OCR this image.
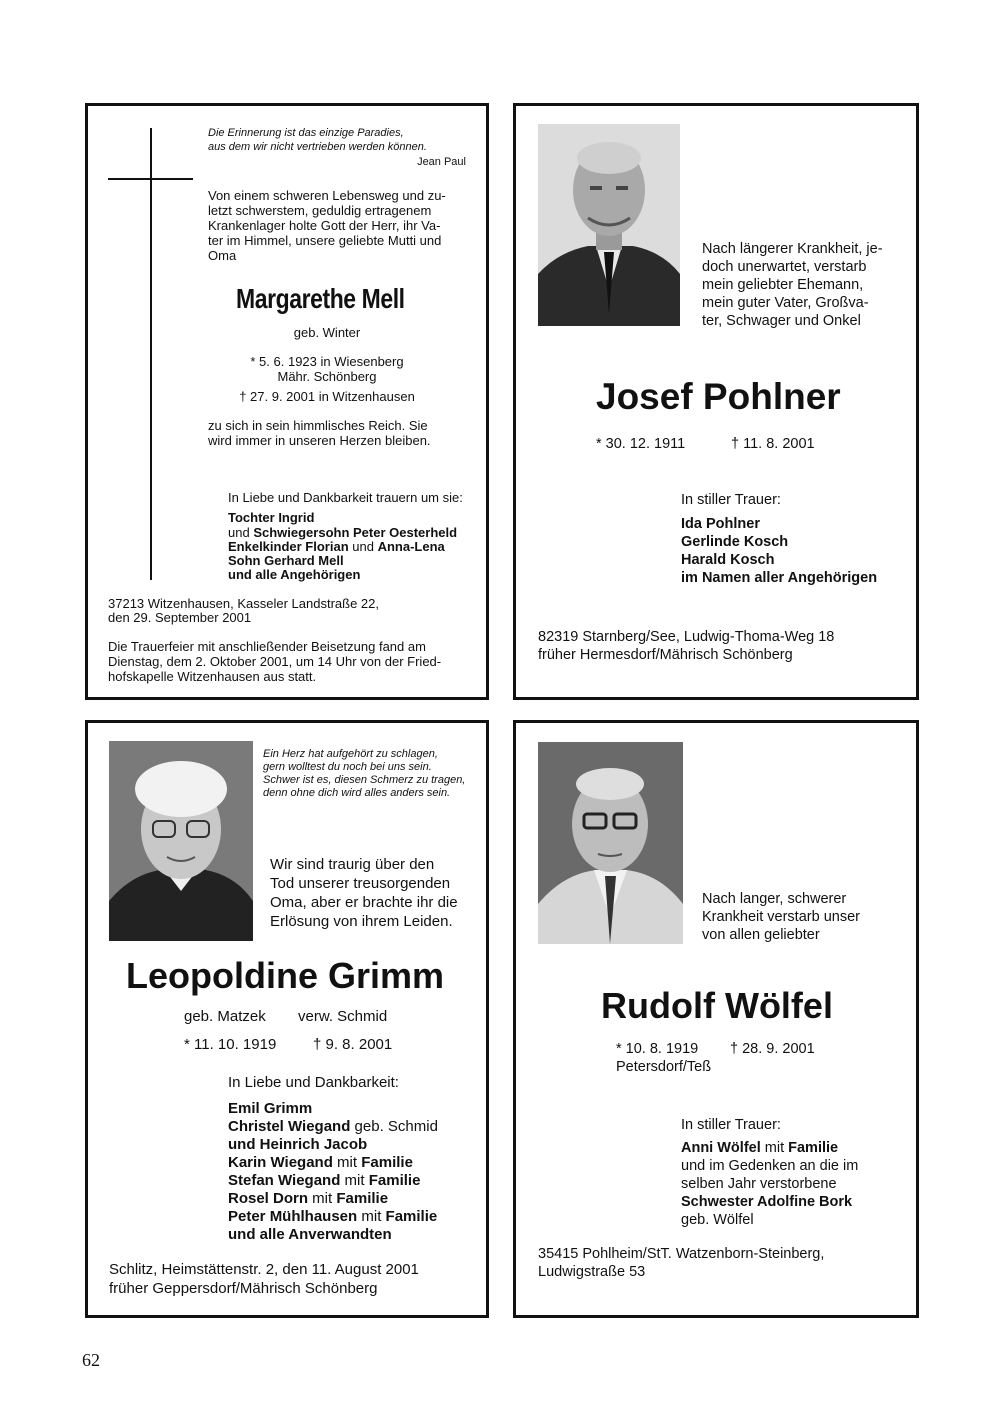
Die Erinnerung ist das einzige Paradies,

aus dem wir nicht vertrieben werden können.

Jean Paul

Von einem schweren Lebensweg und zu-

letzt schwerstem, geduldig ertragenem

Krankenlager holte Gott der Herr, ihr Va-

ter im Himmel, unsere geliebte Mutti und

Oma

Margarethe Mell

geb. Winter

* 5. 6. 1923 in Wiesenberg

Mähr. Schönberg

† 27. 9. 2001 in Witzenhausen

zu sich in sein himmlisches Reich. Sie

wird immer in unseren Herzen bleiben.

In Liebe und Dankbarkeit trauern um sie:

Tochter Ingrid

und Schwiegersohn Peter Oesterheld

Enkelkinder Florian und Anna-Lena

Sohn Gerhard Mell

und alle Angehörigen

37213 Witzenhausen, Kasseler Landstraße 22,

den 29. September 2001

Die Trauerfeier mit anschließender Beisetzung fand am

Dienstag, dem 2. Oktober 2001, um 14 Uhr von der Fried-

hofskapelle Witzenhausen aus statt.

Nach längerer Krankheit, je-

doch unerwartet, verstarb

mein geliebter Ehemann,

mein guter Vater, Großva-

ter, Schwager und Onkel

Josef Pohlner

* 30. 12. 1911	† 11. 8. 2001

In stiller Trauer:

Ida Pohlner

Gerlinde Kosch

Harald Kosch

im Namen aller Angehörigen

82319 Starnberg/See, Ludwig-Thoma-Weg 18

früher Hermesdorf/Mährisch Schönberg

Ein Herz hat aufgehört zu schlagen,

gern wolltest du noch bei uns sein.

Schwer ist es, diesen Schmerz zu tragen,

denn ohne dich wird alles anders sein.

Wir sind traurig über den

Tod unserer treusorgenden

Oma, aber er brachte ihr die

Erlösung von ihrem Leiden.

Leopoldine Grimm

geb. Matzek verw. Schmid

* 11. 10. 1919 † 9. 8. 2001

In Liebe und Dankbarkeit:

Emil Grimm

Christel Wiegand geb. Schmid

und Heinrich Jacob

Karin Wiegand mit Familie

Stefan Wiegand mit Familie

Rosel Dorn mit Familie

Peter Mühlhausen mit Familie

und alle Anverwandten

Schlitz, Heimstättenstr. 2, den 11. August 2001

früher Geppersdorf/Mährisch Schönberg

Nach langer, schwerer

Krankheit verstarb unser

von allen geliebter

Rudolf Wölfel

* 10. 8. 1919 † 28. 9. 2001

Petersdorf/Teß

In stiller Trauer:

Anni Wölfel mit Familie

und im Gedenken an die im

selben Jahr verstorbene

Schwester Adolfine Bork

geb. Wölfel

35415 Pohlheim/StT. Watzenborn-Steinberg,

Ludwigstraße 53

62
